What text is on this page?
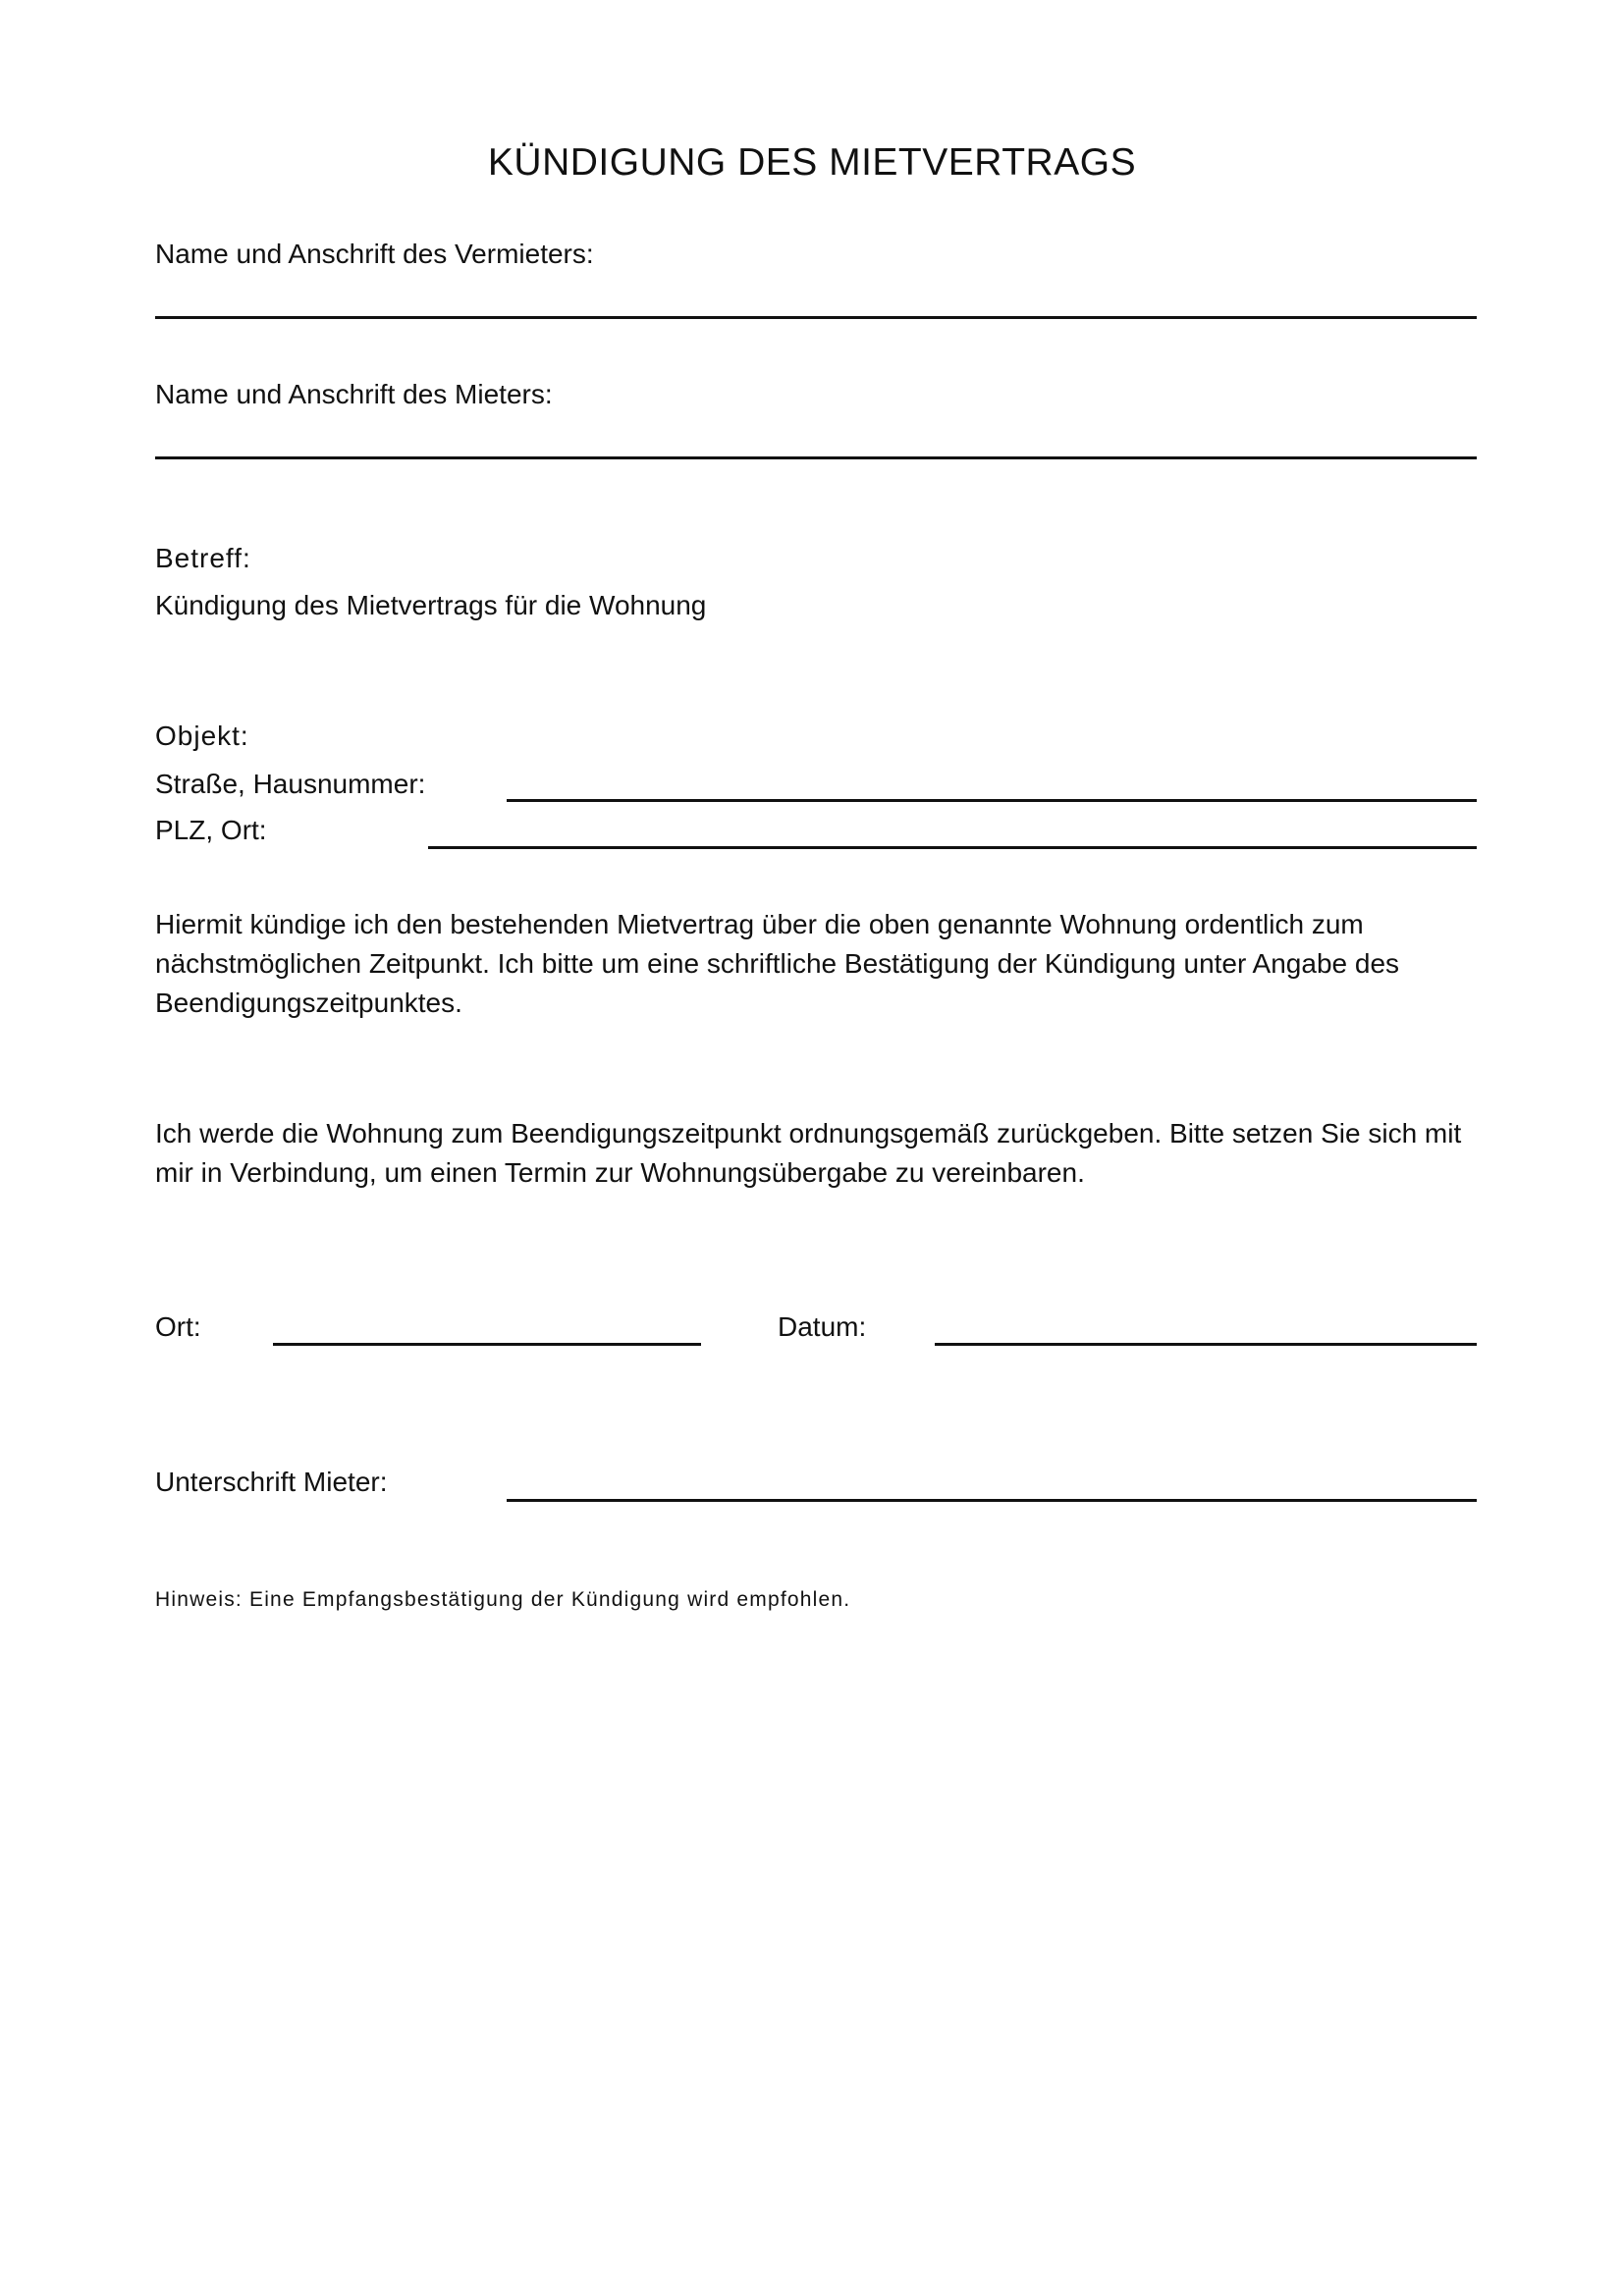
KÜNDIGUNG DES MIETVERTRAGS
Name und Anschrift des Vermieters:
Name und Anschrift des Mieters:
Betreff:
Kündigung des Mietvertrags für die Wohnung
Objekt:
Straße, Hausnummer:
PLZ, Ort:

Hiermit kündige ich den bestehenden Mietvertrag über die oben genannte Wohnung ordentlich zum nächstmöglichen Zeitpunkt. Ich bitte um eine schriftliche Bestätigung der Kündigung unter Angabe des Beendigungszeitpunktes.

Ich werde die Wohnung zum Beendigungszeitpunkt ordnungsgemäß zurückgeben. Bitte setzen Sie sich mit mir in Verbindung, um einen Termin zur Wohnungsübergabe zu vereinbaren.

Ort:	Datum:
Unterschrift Mieter:
Hinweis: Eine Empfangsbestätigung der Kündigung wird empfohlen.
